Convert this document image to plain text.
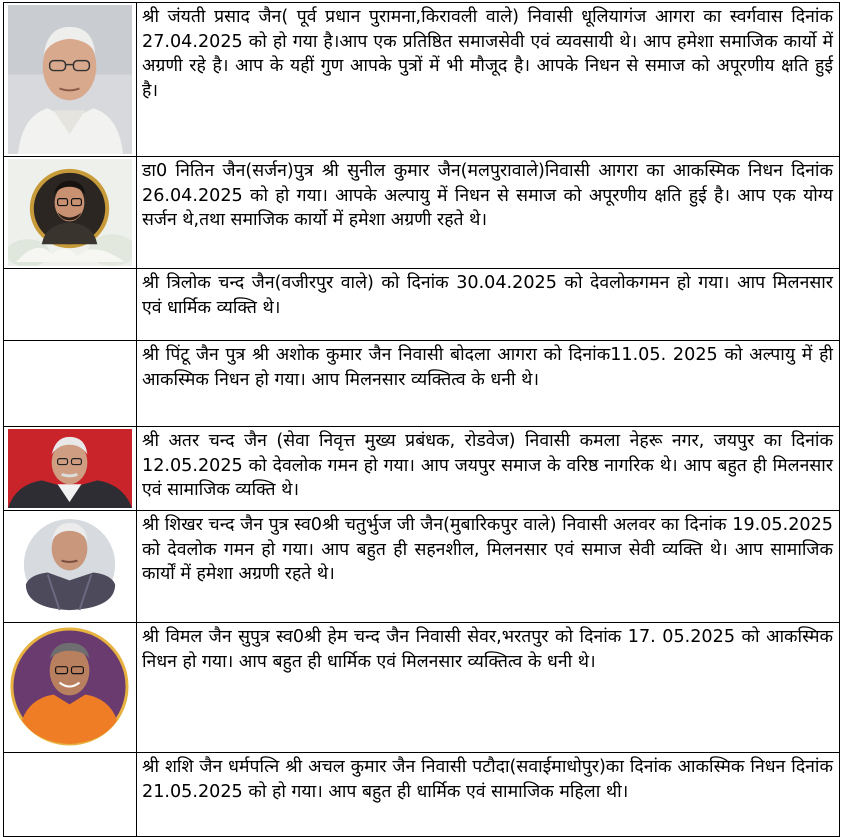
	श्री जंयती प्रसाद जैन( पूर्व प्रधान पुरामना,किरावली वाले) निवासी धूलियागंज आगरा का स्वर्गवास दिनांक 27.04.2025 को हो गया है।आप एक प्रतिष्ठित समाजसेवी एवं व्यवसायी थे। आप हमेशा समाजिक कार्यो में अग्रणी रहे है। आप के यहीं गुण आपके पुत्रों में भी मौजूद है। आपके निधन से समाज को अपूरणीय क्षति हुई है।

	डा0 नितिन जैन(सर्जन)पुत्र श्री सुनील कुमार जैन(मलपुरावाले)निवासी आगरा का आकस्मिक निधन दिनांक 26.04.2025 को हो गया। आपके अल्पायु में निधन से समाज को अपूरणीय क्षति हुई है। आप एक योग्य सर्जन थे,तथा समाजिक कार्यो में हमेशा अग्रणी रहते थे।
	श्री त्रिलोक चन्द जैन(वजीरपुर वाले) को दिनांक 30.04.2025 को देवलोकगमन हो गया। आप मिलनसार एवं धार्मिक व्यक्ति थे।
	श्री पिंटू जैन पुत्र श्री अशोक कुमार जैन निवासी बोदला आगरा को दिनांक11.05. 2025 को अल्पायु में ही आकस्मिक निधन हो गया। आप मिलनसार व्यक्तित्व के धनी थे।

	श्री अतर चन्द जैन (सेवा निवृत्त मुख्य प्रबंधक, रोडवेज) निवासी कमला नेहरू नगर, जयपुर का दिनांक 12.05.2025 को देवलोक गमन हो गया। आप जयपुर समाज के वरिष्ठ नागरिक थे। आप बहुत ही मिलनसार एवं सामाजिक व्यक्ति थे।

	श्री शिखर चन्द जैन पुत्र स्व0श्री चतुर्भुज जी जैन(मुबारिकपुर वाले) निवासी अलवर का दिनांक 19.05.2025 को देवलोक गमन हो गया। आप बहुत ही सहनशील, मिलनसार एवं समाज सेवी व्यक्ति थे। आप सामाजिक कार्यों में हमेशा अग्रणी रहते थे।

	श्री विमल जैन सुपुत्र स्व0श्री हेम चन्द जैन निवासी सेवर,भरतपुर को दिनांक 17. 05.2025 को आकस्मिक निधन हो गया। आप बहुत ही धार्मिक एवं मिलनसार व्यक्तित्व के धनी थे।
	श्री शशि जैन धर्मपत्नि श्री अचल कुमार जैन निवासी पटौदा(सवाईमाधोपुर)का दिनांक आकस्मिक निधन दिनांक 21.05.2025 को हो गया। आप बहुत ही धार्मिक एवं सामाजिक महिला थी।
